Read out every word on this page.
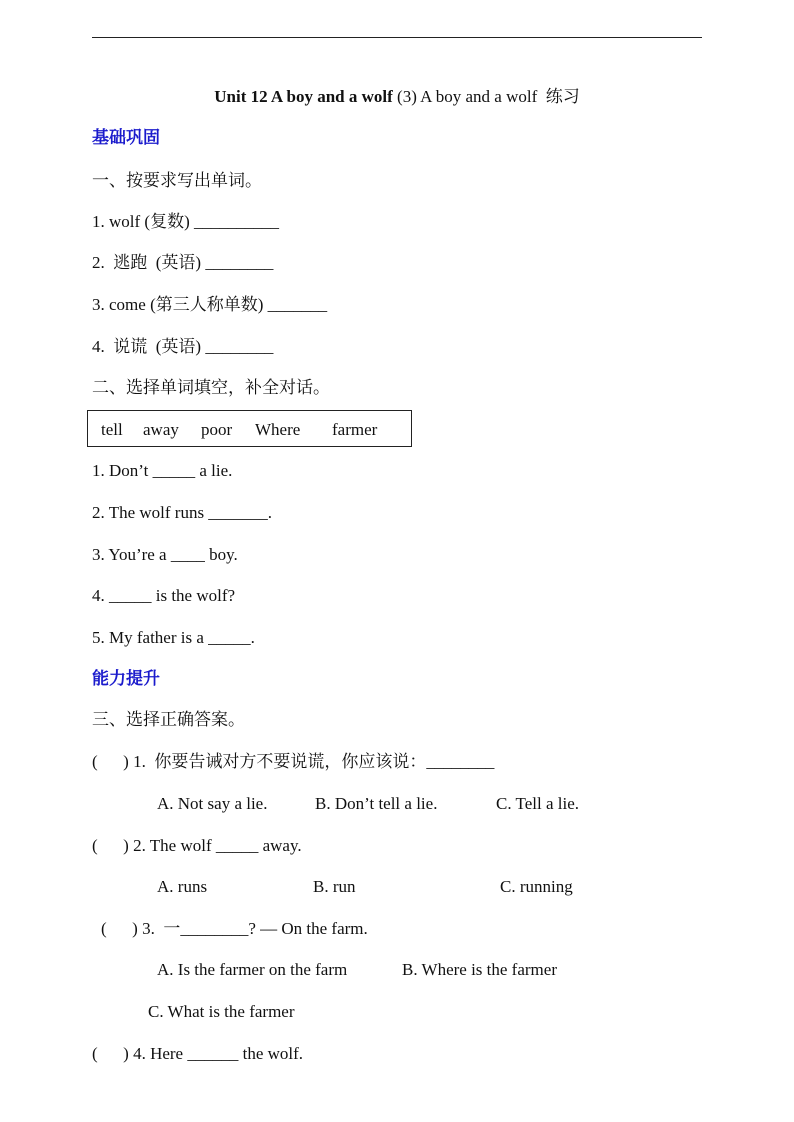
Unit 12 A boy and a wolf (3) A boy and a wolf  练习
基础巩固
一、按要求写出单词。
1. wolf (复数) __________
2.  逃跑  (英语) ________
3. come (第三人称单数) _______
4.  说谎  (英语) ________
二、选择单词填空，补全对话。
tell away poor Where farmer
1. Don’t _____ a lie.
2. The wolf runs _______.
3. You’re a ____ boy.
4. _____ is the wolf?
5. My father is a _____.
能力提升
三、选择正确答案。
(      ) 1.  你要告诫对方不要说谎，你应该说：________
A. Not say a lie.	B. Don’t tell a lie.	C. Tell a lie.
(      ) 2. The wolf _____ away.
A. runs	B. run	C. running
(      ) 3.  一________? — On the farm.
A. Is the farmer on the farm	B. Where is the farmer
C. What is the farmer
(      ) 4. Here ______ the wolf.
